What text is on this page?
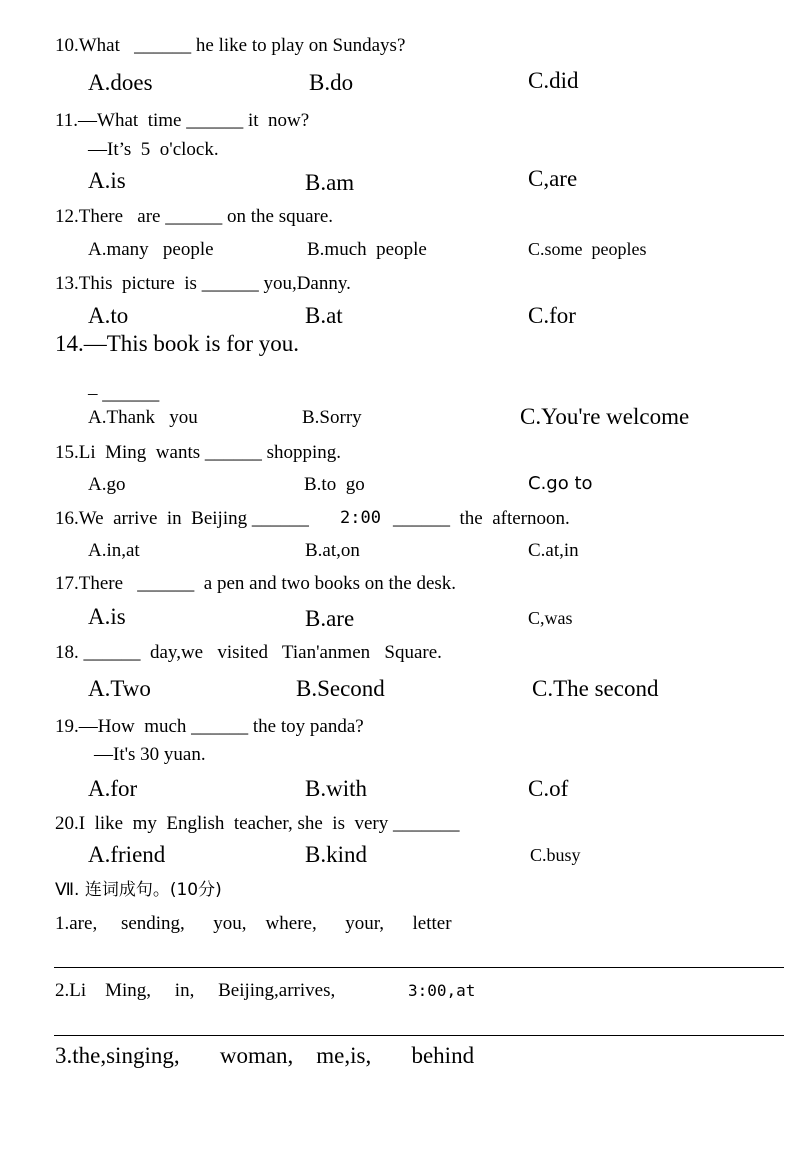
10.What   ______ he like to play on Sundays?
A.does	B.do	C.did
11.—What  time ______ it  now?
—It’s  5  o'clock.
A.is	B.am	C,are
12.There   are ______ on the square.
A.many   people	B.much  people	C.some  peoples
13.This  picture  is ______ you,Danny.
A.to	B.at	C.for
14.—This book is for you.
– ______
A.Thank   you	B.Sorry	C.You're welcome
15.Li  Ming  wants ______ shopping.
A.go	B.to  go	C.go to
16.We  arrive  in  Beijing ______ 2:00 ______  the  afternoon.
A.in,at	B.at,on	C.at,in
17.There   ______  a pen and two books on the desk.
A.is	B.are	C,was
18. ______  day,we   visited   Tian'anmen   Square.
A.Two	B.Second	C.The second
19.—How  much ______ the toy panda?
—It's 30 yuan.
A.for	B.with	C.of
20.I  like  my  English  teacher, she  is  very _______
A.friend	B.kind	C.busy
Ⅶ. 连词成句。(10分)
1.are,     sending,      you,    where,      your,      letter
2.Li    Ming,     in,     Beijing,arrives,	3:00,at
3.the,singing,       woman,    me,is,       behind
